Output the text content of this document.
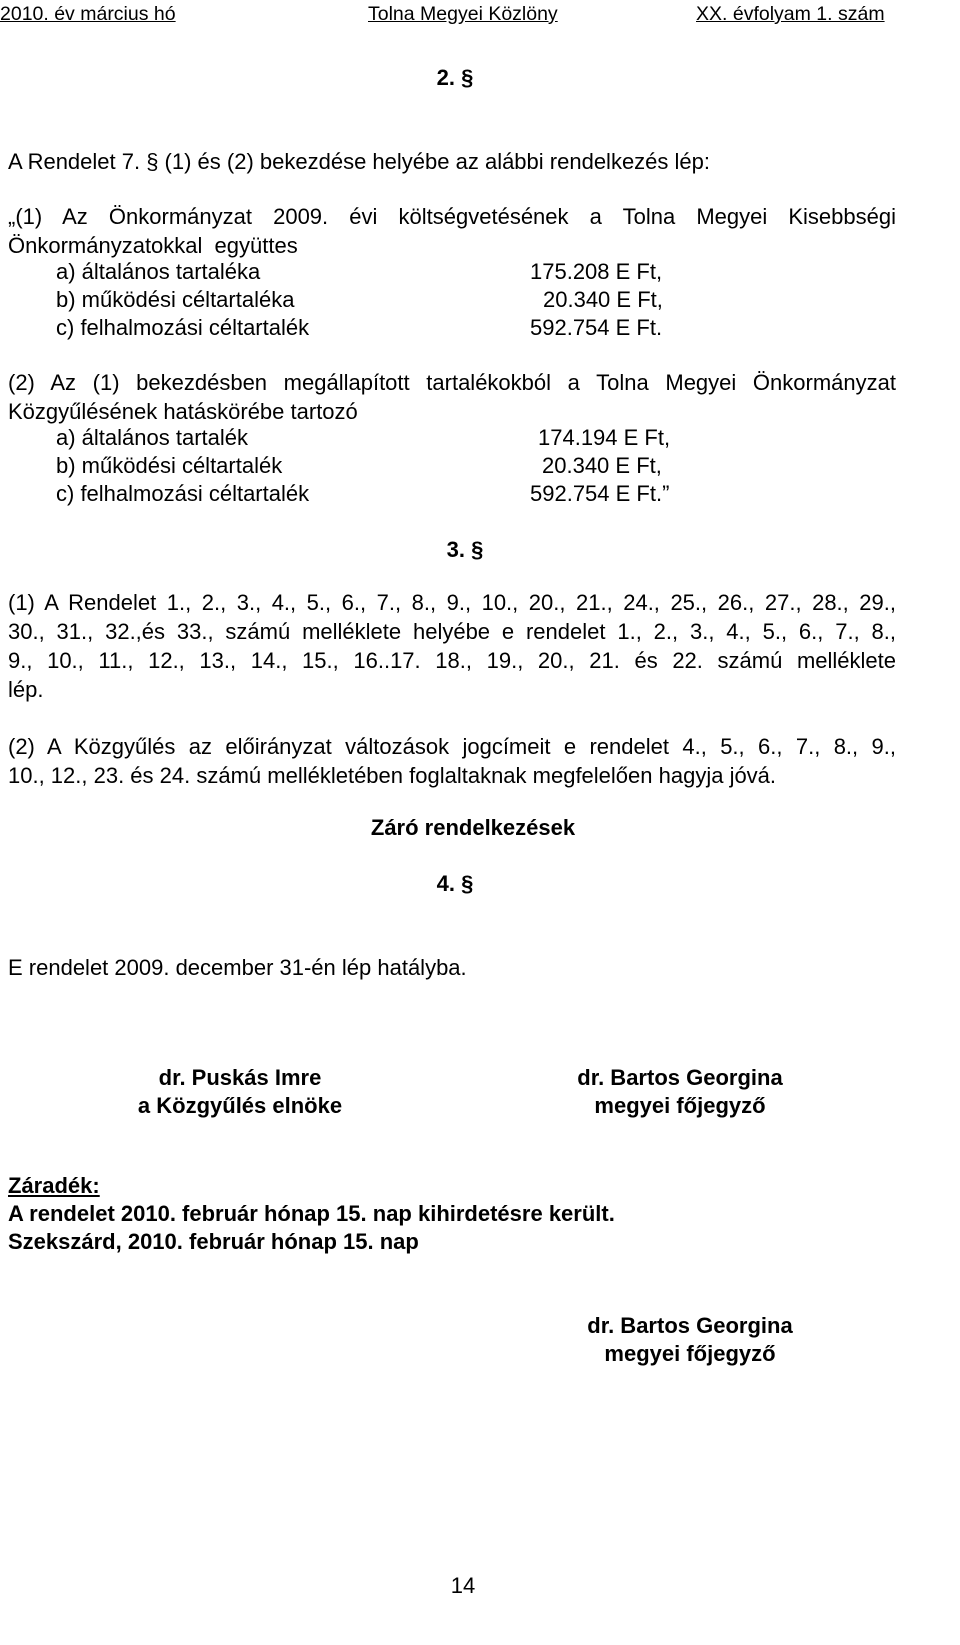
2010. év március hó	Tolna Megyei Közlöny	XX. évfolyam 1. szám
2. §
A Rendelet 7. § (1) és (2) bekezdése helyébe az alábbi rendelkezés lép:
„(1) Az Önkormányzat 2009. évi költségvetésének a Tolna Megyei Kisebbségi
Önkormányzatokkal együttes
a) általános tartaléka	175.208 E Ft,
b) működési céltartaléka	20.340 E Ft,
c) felhalmozási céltartalék	592.754 E Ft.
(2) Az (1) bekezdésben megállapított tartalékokból a Tolna Megyei Önkormányzat
Közgyűlésének hatáskörébe tartozó
a) általános tartalék	174.194 E Ft,
b) működési céltartalék	20.340 E Ft,
c) felhalmozási céltartalék	592.754 E Ft.”
3. §
(1) A Rendelet 1., 2., 3., 4., 5., 6., 7., 8., 9., 10., 20., 21., 24., 25., 26., 27., 28., 29.,
30., 31., 32.,és 33., számú melléklete helyébe e rendelet 1., 2., 3., 4., 5., 6., 7., 8.,
9., 10., 11., 12., 13., 14., 15., 16..17. 18., 19., 20., 21. és 22. számú melléklete
lép.
(2) A Közgyűlés az előirányzat változások jogcímeit e rendelet 4., 5., 6., 7., 8., 9.,
10., 12., 23. és 24. számú mellékletében foglaltaknak megfelelően hagyja jóvá.
Záró rendelkezések
4. §
E rendelet 2009. december 31-én lép hatályba.
dr. Puskás Imre
a Közgyűlés elnöke
dr. Bartos Georgina
megyei főjegyző
Záradék:
A rendelet 2010. február hónap 15. nap kihirdetésre került.
Szekszárd, 2010. február hónap 15. nap
dr. Bartos Georgina
megyei főjegyző
14
